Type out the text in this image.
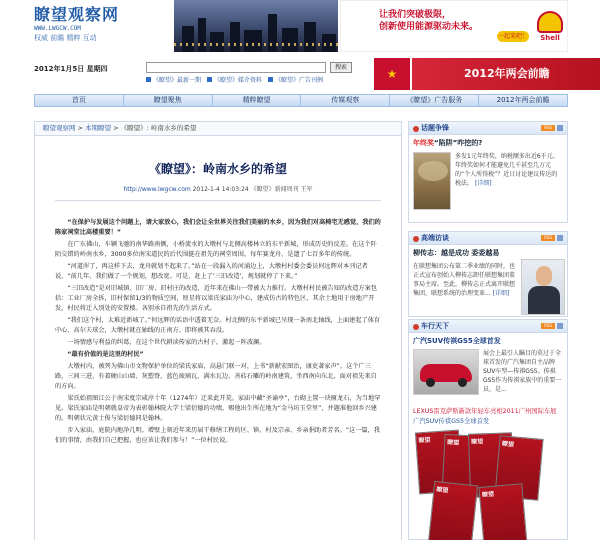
瞭望观察网
WWW.LWGCW.COM
权威 前瞻 精粹 互动
让我们突破极限，
创新使用能源驱动未来。
一起来吧！	Shell
2012年1月5日 星期四	搜索
《瞭望》最新一期 《瞭望》媒介资料 《瞭望》广告刊例	★	2012年两会前瞻
首页	瞭望聚焦	精粹瞭望	传媒观察	《瞭望》广告服务	2012年两会前瞻
瞭望观察网 > 本期瞭望 > 《瞭望》: 岭南水乡的希望
《瞭望》：岭南水乡的希望
http://www.lwgcw.com 2012-1-4 14:03:24 《瞭望》新闻周刊 王军

“在保护与发展这个问题上，请大家放心，我们会让全世界关注我们美丽的水乡，因为我们对高椅宅无感觉，我们的陈家祠堂比高楼重要！”

在广东佛山，车辆飞驰的南华路南侧，小桥流水的大墩村与北侧高楼林立的东平新城，形成历史的反差。在这个阡陌交错的岭南水乡，3000多位南宋道民的后代围挺在祖先的祠堂周围，每年赛龙舟，是遗了七百多年的传统。

“河道浑了，再这样下去，龙舟就划不起来了。”站在一段漏入的河涌边上，大墩村村委会委员何远辉对本刊记者说，“前几年，我们做了一个规划，想改宽。可是，赶上了‘三旧改造’，规划就停了下来。”

“三旧改造”是对旧城镇、旧厂房、旧村庄的改造，近年来在佛山一带被大力推行。大墩村村民被告知的改造方案包括：工业厂房全拆，旧村保留1/3的物质空间，厘星将以梁氏家庙为中心，建成仿古的特色区，其余土地用于房地产开发，村民将迁入别处的安置楼。各别承自祖先的生活方式。

“我们这个村，太难近新城了。”何远辉的话语中透着无奈。村北侧的东平新城已呈现一条南北轴线，上面建起了体育中心、高尔夫球会，大墩村就在轴线的正南方。即将被其吞没。

一场情感与利益的纠葛，在这个世代耕读传家的古村子，激起一阵波澜。

“最有价值的是这里的村民”

大墩村内，被列为佛山市文物保护单位的梁氏家庙，高悬门联一对，上书“新献宏图治，康吏著家声”。这个广三路、三间三进，有着硬山山墙、灰塑脊、蓝色琉璃瓦、满水瓦边、善砖石雕的岭南建筑，坐西南向东北，面对祖先来自的方向。

梁氏始祖图江公于南宋度宗咸淳十年（1274年）迁来此开荒。家庙中藏“圣谕亭”，台砌上置一块匾龙石，为当地罕见。梁氏家庙是明朝就皇帝为表彰翰林院大学士梁衍德的功绩，赐他出生所在地为“金马坊玉堂里”，并题准他回乡兴建的。明朝状元黄士俊与梁衍德同是翰林。

步入家庙，庭院内地净几明。增壁上刻近年来历届干修缮工程的区、镇、村及宗亲、乡亲捐助者芳名。“这一篇，我们的事情，由我们自己把握，也应该让我们参与！”一位村民说。

话题争锋	RSS
年终奖“陷阱”咋挖的?
多发1元年终奖，纳税额多出近6千元。年终奖如何才能避免几千甚至几万元的“个人所得税”？近日讨论建议传达的税法。 [详细]
高端访谈	RSS
柳传志：越是成功 委委越易
在联想集团公布第二季业绩的同时，也正式宣布创始人柳传志卸任联想集团董事局主席。至此，柳传志正式离开联想集团，联想系统的治理变革... [详细]
车行天下	RSS
广汽SUV传祺GS5全球首发
展会上最引人瞩目的莫过于全球首发的广汽集团自主品牌SUV车型—传祺GS5。传祺GS5作为传祺家族中的重要一员，是...
LEXUS雷克萨斯新款年轻车亮相2011广州国际车展
广汽SUV传祺GS5全球首发
瞭望	瞭望 瞭望	瞭望
瞭望
瞭望
